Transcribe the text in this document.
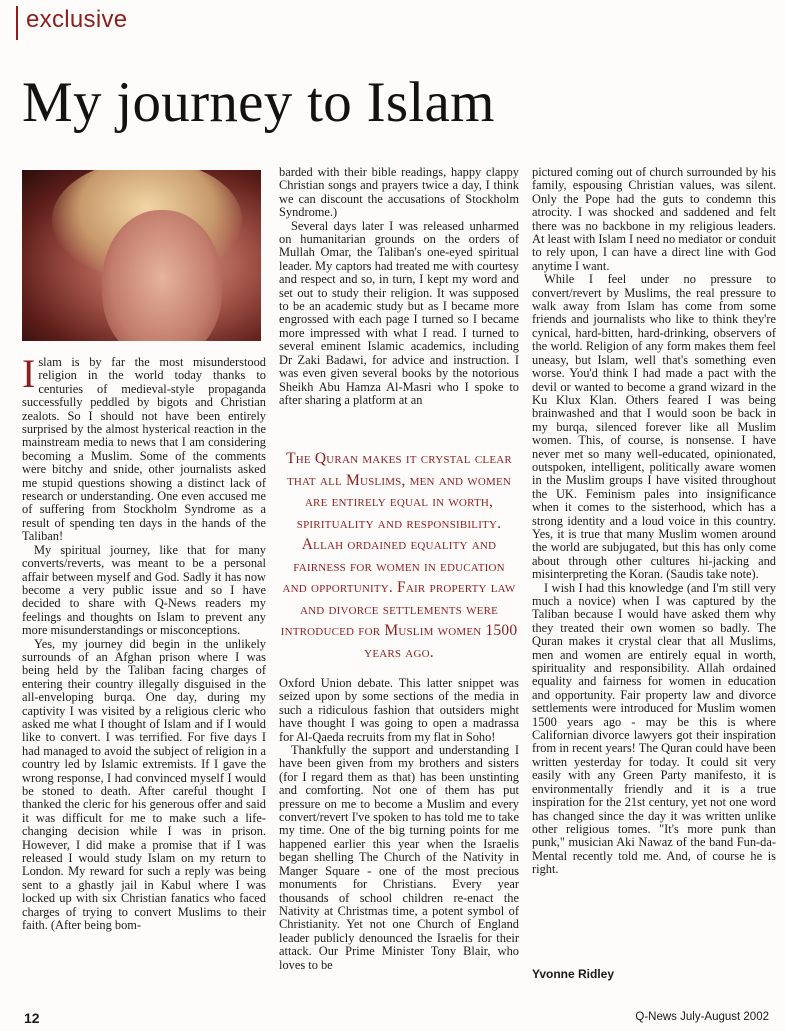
exclusive
My journey to Islam

Islam is by far the most misunderstood religion in the world today thanks to centuries of medieval-style propaganda successfully peddled by bigots and Christian zealots. So I should not have been entirely surprised by the almost hysterical reaction in the mainstream media to news that I am considering becoming a Muslim. Some of the comments were bitchy and snide, other journalists asked me stupid questions showing a distinct lack of research or understanding. One even accused me of suffering from Stockholm Syndrome as a result of spending ten days in the hands of the Taliban!

My spiritual journey, like that for many converts/reverts, was meant to be a personal affair between myself and God. Sadly it has now become a very public issue and so I have decided to share with Q-News readers my feelings and thoughts on Islam to prevent any more misunderstandings or misconceptions.

Yes, my journey did begin in the unlikely surrounds of an Afghan prison where I was being held by the Taliban facing charges of entering their country illegally disguised in the all-enveloping burqa. One day, during my captivity I was visited by a religious cleric who asked me what I thought of Islam and if I would like to convert. I was terrified. For five days I had managed to avoid the subject of religion in a country led by Islamic extremists. If I gave the wrong response, I had convinced myself I would be stoned to death. After careful thought I thanked the cleric for his generous offer and said it was difficult for me to make such a life-changing decision while I was in prison. However, I did make a promise that if I was released I would study Islam on my return to London. My reward for such a reply was being sent to a ghastly jail in Kabul where I was locked up with six Christian fanatics who faced charges of trying to convert Muslims to their faith. (After being bom-

barded with their bible readings, happy clappy Christian songs and prayers twice a day, I think we can discount the accusations of Stockholm Syndrome.)

Several days later I was released unharmed on humanitarian grounds on the orders of Mullah Omar, the Taliban's one-eyed spiritual leader. My captors had treated me with courtesy and respect and so, in turn, I kept my word and set out to study their religion. It was supposed to be an academic study but as I became more engrossed with each page I turned so I became more impressed with what I read. I turned to several eminent Islamic academics, including Dr Zaki Badawi, for advice and instruction. I was even given several books by the notorious Sheikh Abu Hamza Al-Masri who I spoke to after sharing a platform at an

The Quran makes it crystal clear that all Muslims, men and women are entirely equal in worth, spirituality and responsibility. Allah ordained equality and fairness for women in education and opportunity. Fair property law and divorce settlements were introduced for Muslim women 1500 years ago.

Oxford Union debate. This latter snippet was seized upon by some sections of the media in such a ridiculous fashion that outsiders might have thought I was going to open a madrassa for Al-Qaeda recruits from my flat in Soho!

Thankfully the support and understanding I have been given from my brothers and sisters (for I regard them as that) has been unstinting and comforting. Not one of them has put pressure on me to become a Muslim and every convert/revert I've spoken to has told me to take my time. One of the big turning points for me happened earlier this year when the Israelis began shelling The Church of the Nativity in Manger Square - one of the most precious monuments for Christians. Every year thousands of school children re-enact the Nativity at Christmas time, a potent symbol of Christianity. Yet not one Church of England leader publicly denounced the Israelis for their attack. Our Prime Minister Tony Blair, who loves to be

pictured coming out of church surrounded by his family, espousing Christian values, was silent. Only the Pope had the guts to condemn this atrocity. I was shocked and saddened and felt there was no backbone in my religious leaders. At least with Islam I need no mediator or conduit to rely upon, I can have a direct line with God anytime I want.

While I feel under no pressure to convert/revert by Muslims, the real pressure to walk away from Islam has come from some friends and journalists who like to think they're cynical, hard-bitten, hard-drinking, observers of the world. Religion of any form makes them feel uneasy, but Islam, well that's something even worse. You'd think I had made a pact with the devil or wanted to become a grand wizard in the Ku Klux Klan. Others feared I was being brainwashed and that I would soon be back in my burqa, silenced forever like all Muslim women. This, of course, is nonsense. I have never met so many well-educated, opinionated, outspoken, intelligent, politically aware women in the Muslim groups I have visited throughout the UK. Feminism pales into insignificance when it comes to the sisterhood, which has a strong identity and a loud voice in this country. Yes, it is true that many Muslim women around the world are subjugated, but this has only come about through other cultures hi-jacking and misinterpreting the Koran. (Saudis take note).

I wish I had this knowledge (and I'm still very much a novice) when I was captured by the Taliban because I would have asked them why they treated their own women so badly. The Quran makes it crystal clear that all Muslims, men and women are entirely equal in worth, spirituality and responsibility. Allah ordained equality and fairness for women in education and opportunity. Fair property law and divorce settlements were introduced for Muslim women 1500 years ago - may be this is where Californian divorce lawyers got their inspiration from in recent years! The Quran could have been written yesterday for today. It could sit very easily with any Green Party manifesto, it is environmentally friendly and it is a true inspiration for the 21st century, yet not one word has changed since the day it was written unlike other religious tomes. "It's more punk than punk," musician Aki Nawaz of the band Fun-da-Mental recently told me. And, of course he is right.

Yvonne Ridley
12	Q-News July-August 2002
